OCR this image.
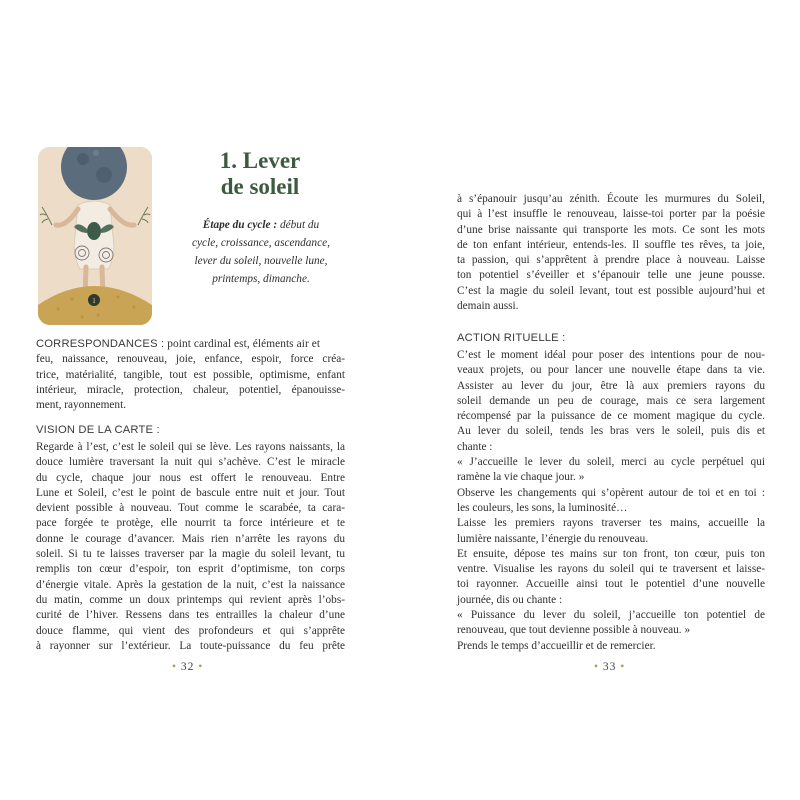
1
1. Lever
de soleil
Étape du cycle : début du
cycle, croissance, ascendance,
lever du soleil, nouvelle lune,
printemps, dimanche.
CORRESPONDANCES : point cardinal est, éléments air et
feu, naissance, renouveau, joie, enfance, espoir, force créa-
trice, matérialité, tangible, tout est possible, optimisme, enfant
intérieur, miracle, protection, chaleur, potentiel, épanouisse-
ment, rayonnement.
VISION DE LA CARTE :
Regarde à l’est, c’est le soleil qui se lève. Les rayons naissants, la
douce lumière traversant la nuit qui s’achève. C’est le miracle
du cycle, chaque jour nous est offert le renouveau. Entre
Lune et Soleil, c’est le point de bascule entre nuit et jour. Tout
devient possible à nouveau. Tout comme le scarabée, ta cara-
pace forgée te protège, elle nourrit ta force intérieure et te
donne le courage d’avancer. Mais rien n’arrête les rayons du
soleil. Si tu te laisses traverser par la magie du soleil levant, tu
remplis ton cœur d’espoir, ton esprit d’optimisme, ton corps
d’énergie vitale. Après la gestation de la nuit, c’est la naissance
du matin, comme un doux printemps qui revient après l’obs-
curité de l’hiver. Ressens dans tes entrailles la chaleur d’une
douce flamme, qui vient des profondeurs et qui s’apprête
à rayonner sur l’extérieur. La toute-puissance du feu prête
• 32 •
à s’épanouir jusqu’au zénith. Écoute les murmures du Soleil,
qui à l’est insuffle le renouveau, laisse-toi porter par la poésie
d’une brise naissante qui transporte les mots. Ce sont les mots
de ton enfant intérieur, entends-les. Il souffle tes rêves, ta joie,
ta passion, qui s’apprêtent à prendre place à nouveau. Laisse
ton potentiel s’éveiller et s’épanouir telle une jeune pousse.
C’est la magie du soleil levant, tout est possible aujourd’hui et
demain aussi.
ACTION RITUELLE :
C’est le moment idéal pour poser des intentions pour de nou-
veaux projets, ou pour lancer une nouvelle étape dans ta vie.
Assister au lever du jour, être là aux premiers rayons du
soleil demande un peu de courage, mais ce sera largement
récompensé par la puissance de ce moment magique du cycle.
Au lever du soleil, tends les bras vers le soleil, puis dis et
chante :
« J’accueille le lever du soleil, merci au cycle perpétuel qui
ramène la vie chaque jour. »
Observe les changements qui s’opèrent autour de toi et en toi :
les couleurs, les sons, la luminosité…
Laisse les premiers rayons traverser tes mains, accueille la
lumière naissante, l’énergie du renouveau.
Et ensuite, dépose tes mains sur ton front, ton cœur, puis ton
ventre. Visualise les rayons du soleil qui te traversent et laisse-
toi rayonner. Accueille ainsi tout le potentiel d’une nouvelle
journée, dis ou chante :
« Puissance du lever du soleil, j’accueille ton potentiel de
renouveau, que tout devienne possible à nouveau. »
Prends le temps d’accueillir et de remercier.
• 33 •
